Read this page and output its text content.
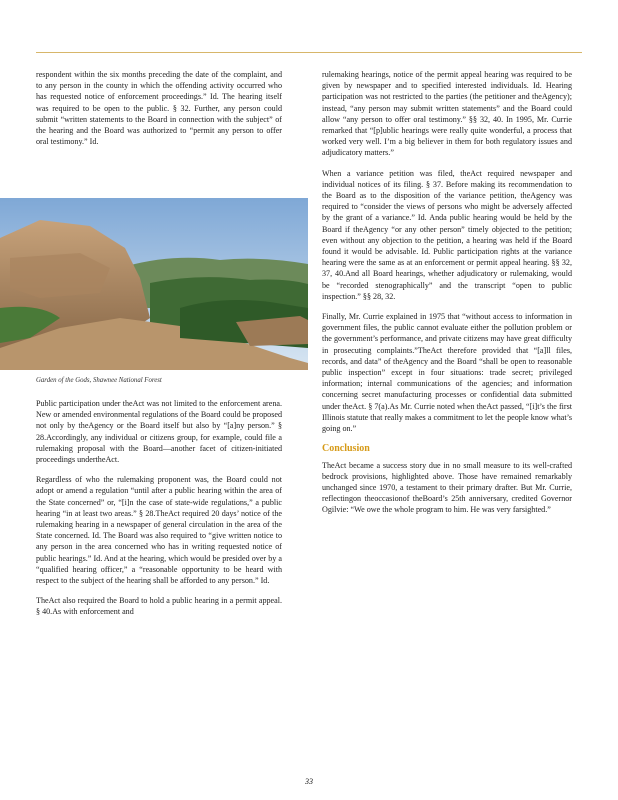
respondent within the six months preceding the date of the complaint, and to any person in the county in which the offending activity occurred who has requested notice of enforcement proceedings.” Id. The hearing itself was required to be open to the public. § 32. Further, any person could submit “written statements to the Board in connection with the subject” of the hearing and the Board was authorized to “permit any person to offer oral testimony.” Id.

Garden of the Gods, Shawnee National Forest

Public participation under theAct was not limited to the enforcement arena. New or amended environmental regulations of the Board could be proposed not only by theAgency or the Board itself but also by “[a]ny person.” § 28.Accordingly, any individual or citizens group, for example, could file a rulemaking proposal with the Board—another facet of citizen-initiated proceedings undertheAct.

Regardless of who the rulemaking proponent was, the Board could not adopt or amend a regulation “until after a public hearing within the area of the State concerned” or, “[i]n the case of state-wide regulations,” a public hearing “in at least two areas.” § 28.TheAct required 20 days’ notice of the rulemaking hearing in a newspaper of general circulation in the area of the State concerned. Id. The Board was also required to “give written notice to any person in the area concerned who has in writing requested notice of public hearings.” Id. And at the hearing, which would be presided over by a “qualified hearing officer,” a “reasonable opportunity to be heard with respect to the subject of the hearing shall be afforded to any person.” Id.

TheAct also required the Board to hold a public hearing in a permit appeal. § 40.As with enforcement and

rulemaking hearings, notice of the permit appeal hearing was required to be given by newspaper and to specified interested individuals. Id. Hearing participation was not restricted to the parties (the petitioner and theAgency); instead, “any person may submit written statements” and the Board could allow “any person to offer oral testimony.” §§ 32, 40. In 1995, Mr. Currie remarked that “[p]ublic hearings were really quite wonderful, a process that worked very well. I’m a big believer in them for both regulatory issues and adjudicatory matters.”

When a variance petition was filed, theAct required newspaper and individual notices of its filing. § 37. Before making its recommendation to the Board as to the disposition of the variance petition, theAgency was required to “consider the views of persons who might be adversely affected by the grant of a variance.” Id. Anda public hearing would be held by the Board if theAgency “or any other person” timely objected to the petition; even without any objection to the petition, a hearing was held if the Board found it would be advisable. Id. Public participation rights at the variance hearing were the same as at an enforcement or permit appeal hearing. §§ 32, 37, 40.And all Board hearings, whether adjudicatory or rulemaking, would be “recorded stenographically” and the transcript “open to public inspection.” §§ 28, 32.

Finally, Mr. Currie explained in 1975 that “without access to information in government files, the public cannot evaluate either the pollution problem or the government’s performance, and private citizens may have great difficulty in prosecuting complaints.”TheAct therefore provided that “[a]ll files, records, and data” of theAgency and the Board “shall be open to reasonable public inspection” except in four situations: trade secret; privileged information; internal communications of the agencies; and information concerning secret manufacturing processes or confidential data submitted under theAct. § 7(a).As Mr. Currie noted when theAct passed, “[i]t’s the first Illinois statute that really makes a commitment to let the people know what’s going on.”

Conclusion

TheAct became a success story due in no small measure to its well-crafted bedrock provisions, highlighted above. Those have remained remarkably unchanged since 1970, a testament to their primary drafter. But Mr. Currie, reflectingon theoccasionof theBoard’s 25th anniversary, credited Governor Ogilvie: “We owe the whole program to him. He was very farsighted.”

33
